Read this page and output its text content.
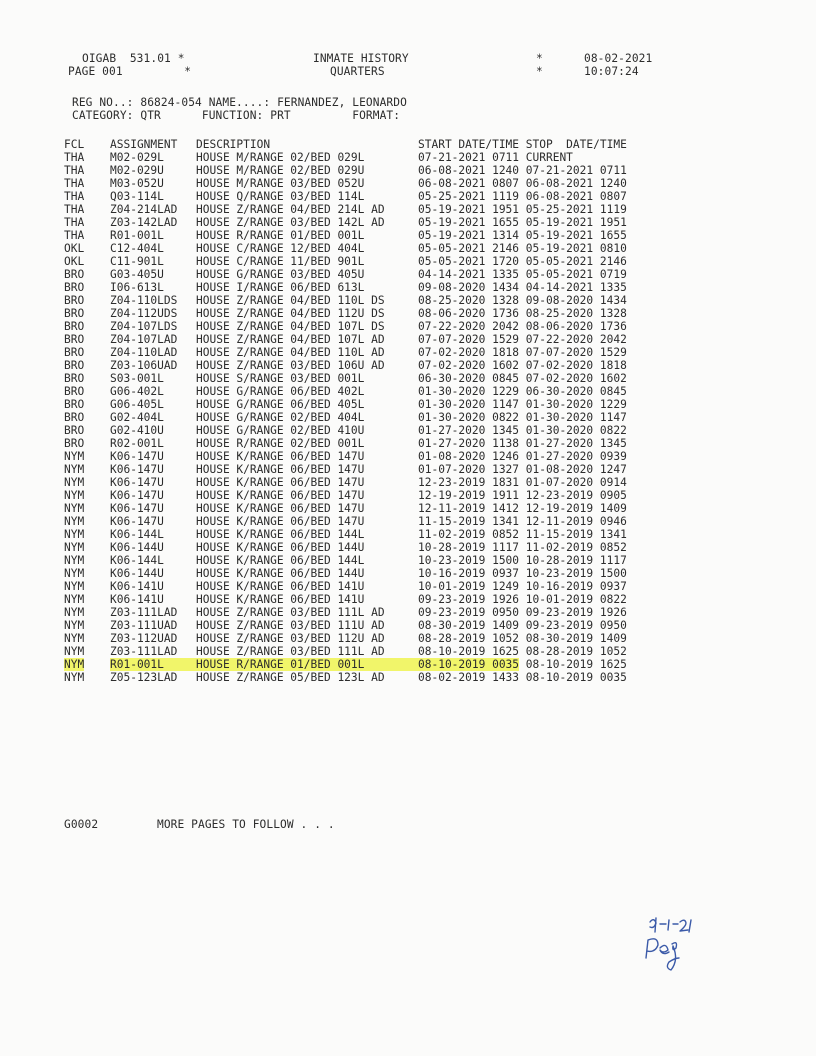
OIGAB  531.01 *
PAGE 001         *
INMATE HISTORY
QUARTERS
*
*
08-02-2021
10:07:24
REG NO..: 86824-054 NAME....: FERNANDEZ, LEONARDO
CATEGORY: QTR      FUNCTION: PRT         FORMAT:
FCL	ASSIGNMENT	DESCRIPTION	START DATE/TIME STOP  DATE/TIME
THA	M02-029L	HOUSE M/RANGE 02/BED 029L	07-21-2021 0711 CURRENT
THA	M02-029U	HOUSE M/RANGE 02/BED 029U	06-08-2021 1240 07-21-2021 0711
THA	M03-052U	HOUSE M/RANGE 03/BED 052U	06-08-2021 0807 06-08-2021 1240
THA	Q03-114L	HOUSE Q/RANGE 03/BED 114L	05-25-2021 1119 06-08-2021 0807
THA	Z04-214LAD	HOUSE Z/RANGE 04/BED 214L AD	05-19-2021 1951 05-25-2021 1119
THA	Z03-142LAD	HOUSE Z/RANGE 03/BED 142L AD	05-19-2021 1655 05-19-2021 1951
THA	R01-001L	HOUSE R/RANGE 01/BED 001L	05-19-2021 1314 05-19-2021 1655
OKL	C12-404L	HOUSE C/RANGE 12/BED 404L	05-05-2021 2146 05-19-2021 0810
OKL	C11-901L	HOUSE C/RANGE 11/BED 901L	05-05-2021 1720 05-05-2021 2146
BRO	G03-405U	HOUSE G/RANGE 03/BED 405U	04-14-2021 1335 05-05-2021 0719
BRO	I06-613L	HOUSE I/RANGE 06/BED 613L	09-08-2020 1434 04-14-2021 1335
BRO	Z04-110LDS	HOUSE Z/RANGE 04/BED 110L DS	08-25-2020 1328 09-08-2020 1434
BRO	Z04-112UDS	HOUSE Z/RANGE 04/BED 112U DS	08-06-2020 1736 08-25-2020 1328
BRO	Z04-107LDS	HOUSE Z/RANGE 04/BED 107L DS	07-22-2020 2042 08-06-2020 1736
BRO	Z04-107LAD	HOUSE Z/RANGE 04/BED 107L AD	07-07-2020 1529 07-22-2020 2042
BRO	Z04-110LAD	HOUSE Z/RANGE 04/BED 110L AD	07-02-2020 1818 07-07-2020 1529
BRO	Z03-106UAD	HOUSE Z/RANGE 03/BED 106U AD	07-02-2020 1602 07-02-2020 1818
BRO	S03-001L	HOUSE S/RANGE 03/BED 001L	06-30-2020 0845 07-02-2020 1602
BRO	G06-402L	HOUSE G/RANGE 06/BED 402L	01-30-2020 1229 06-30-2020 0845
BRO	G06-405L	HOUSE G/RANGE 06/BED 405L	01-30-2020 1147 01-30-2020 1229
BRO	G02-404L	HOUSE G/RANGE 02/BED 404L	01-30-2020 0822 01-30-2020 1147
BRO	G02-410U	HOUSE G/RANGE 02/BED 410U	01-27-2020 1345 01-30-2020 0822
BRO	R02-001L	HOUSE R/RANGE 02/BED 001L	01-27-2020 1138 01-27-2020 1345
NYM	K06-147U	HOUSE K/RANGE 06/BED 147U	01-08-2020 1246 01-27-2020 0939
NYM	K06-147U	HOUSE K/RANGE 06/BED 147U	01-07-2020 1327 01-08-2020 1247
NYM	K06-147U	HOUSE K/RANGE 06/BED 147U	12-23-2019 1831 01-07-2020 0914
NYM	K06-147U	HOUSE K/RANGE 06/BED 147U	12-19-2019 1911 12-23-2019 0905
NYM	K06-147U	HOUSE K/RANGE 06/BED 147U	12-11-2019 1412 12-19-2019 1409
NYM	K06-147U	HOUSE K/RANGE 06/BED 147U	11-15-2019 1341 12-11-2019 0946
NYM	K06-144L	HOUSE K/RANGE 06/BED 144L	11-02-2019 0852 11-15-2019 1341
NYM	K06-144U	HOUSE K/RANGE 06/BED 144U	10-28-2019 1117 11-02-2019 0852
NYM	K06-144L	HOUSE K/RANGE 06/BED 144L	10-23-2019 1500 10-28-2019 1117
NYM	K06-144U	HOUSE K/RANGE 06/BED 144U	10-16-2019 0937 10-23-2019 1500
NYM	K06-141U	HOUSE K/RANGE 06/BED 141U	10-01-2019 1249 10-16-2019 0937
NYM	K06-141U	HOUSE K/RANGE 06/BED 141U	09-23-2019 1926 10-01-2019 0822
NYM	Z03-111LAD	HOUSE Z/RANGE 03/BED 111L AD	09-23-2019 0950 09-23-2019 1926
NYM	Z03-111UAD	HOUSE Z/RANGE 03/BED 111U AD	08-30-2019 1409 09-23-2019 0950
NYM	Z03-112UAD	HOUSE Z/RANGE 03/BED 112U AD	08-28-2019 1052 08-30-2019 1409
NYM	Z03-111LAD	HOUSE Z/RANGE 03/BED 111L AD	08-10-2019 1625 08-28-2019 1052
NYM	R01-001L	HOUSE R/RANGE 01/BED 001L	08-10-2019 0035 08-10-2019 1625
NYM	Z05-123LAD	HOUSE Z/RANGE 05/BED 123L AD	08-02-2019 1433 08-10-2019 0035
G0002	MORE PAGES TO FOLLOW . . .
